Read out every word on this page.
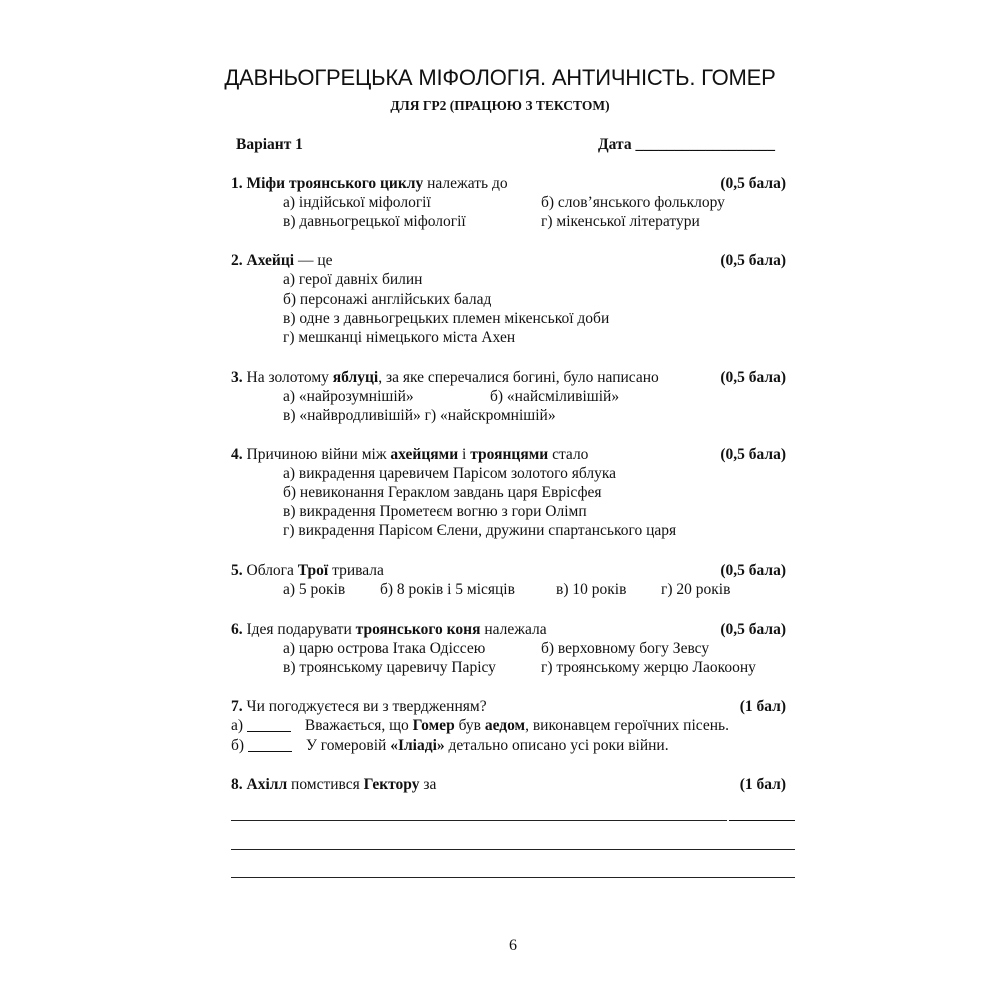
ДАВНЬОГРЕЦЬКА МІФОЛОГІЯ. АНТИЧНІСТЬ. ГОМЕР
ДЛЯ ГР2 (ПРАЦЮЮ З ТЕКСТОМ)
Варіант 1	Дата __________________
1. Міфи троянського циклу належать до	(0,5 бала)
а) індійської міфології	б) слов’янського фольклору
в) давньогрецької міфології	г) мікенської літератури
2. Ахейці — це	(0,5 бала)
а) герої давніх билин
б) персонажі англійських балад
в) одне з давньогрецьких племен мікенської доби
г) мешканці німецького міста Ахен
3. На золотому яблуці, за яке сперечалися богині, було написано	(0,5 бала)
а) «найрозумнішій»	б) «найсміливішій»
в) «найвродливішій» г) «найскромнішій»
4. Причиною війни між ахейцями і троянцями стало	(0,5 бала)
а) викрадення царевичем Парісом золотого яблука
б) невиконання Гераклом завдань царя Еврісфея
в) викрадення Прометеєм вогню з гори Олімп
г) викрадення Парісом Єлени, дружини спартанського царя
5. Облога Трої тривала	(0,5 бала)
а) 5 років б) 8 років і 5 місяців	в) 10 років г) 20 років
6. Ідея подарувати троянського коня належала	(0,5 бала)
а) царю острова Ітака Одіссею	б) верховному богу Зевсу
в) троянському царевичу Парісу	г) троянському жерцю Лаокоону
7. Чи погоджуєтеся ви з твердженням?	(1 бал)
а)	Вважається, що Гомер був аедом, виконавцем героїчних пісень.
б)	У гомеровій «Іліаді» детально описано усі роки війни.
8. Ахілл помстився Гектору за	(1 бал)
6
